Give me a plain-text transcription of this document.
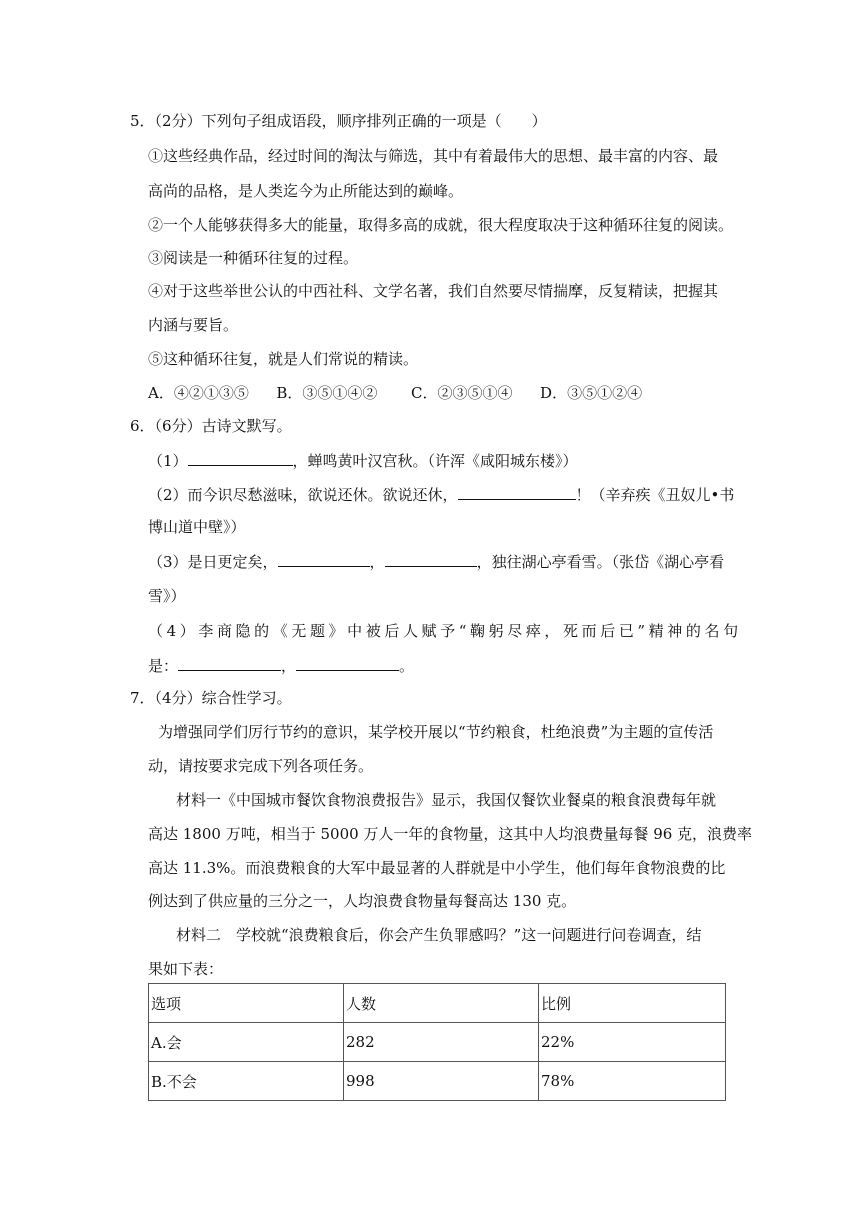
5．（2分）下列句子组成语段，顺序排列正确的一项是（　　）
①这些经典作品，经过时间的淘汰与筛选，其中有着最伟大的思想、最丰富的内容、最
高尚的品格，是人类迄今为止所能达到的巅峰。
②一个人能够获得多大的能量，取得多高的成就，很大程度取决于这种循环往复的阅读。
③阅读是一种循环往复的过程。
④对于这些举世公认的中西社科、文学名著，我们自然要尽情揣摩，反复精读，把握其
内涵与要旨。
⑤这种循环往复，就是人们常说的精读。
A．④②①③⑤ B．③⑤①④② C．②③⑤①④ D．③⑤①②④
6．（6分）古诗文默写。
（1）	，蝉鸣黄叶汉宫秋。（许浑《咸阳城东楼》）
（2）而今识尽愁滋味，欲说还休。欲说还休，	！（辛弃疾《丑奴儿•书
博山道中壁》）
（3）是日更定矣，	，	，独往湖心亭看雪。（张岱《湖心亭看
雪》）
（4）李商隐的《无题》中被后人赋予“鞠躬尽瘁，死而后已”精神的名句
是：	，	。
7．（4分）综合性学习。
为增强同学们厉行节约的意识，某学校开展以“节约粮食，杜绝浪费”为主题的宣传活
动，请按要求完成下列各项任务。
材料一《中国城市餐饮食物浪费报告》显示，我国仅餐饮业餐桌的粮食浪费每年就
高达 1800 万吨，相当于 5000 万人一年的食物量，这其中人均浪费量每餐 96 克，浪费率
高达 11.3%。而浪费粮食的大军中最显著的人群就是中小学生，他们每年食物浪费的比
例达到了供应量的三分之一，人均浪费食物量每餐高达 130 克。
材料二　学校就“浪费粮食后，你会产生负罪感吗？”这一问题进行问卷调查，结
果如下表：
选项	人数	比例
A.会	282	22%
B.不会	998	78%
